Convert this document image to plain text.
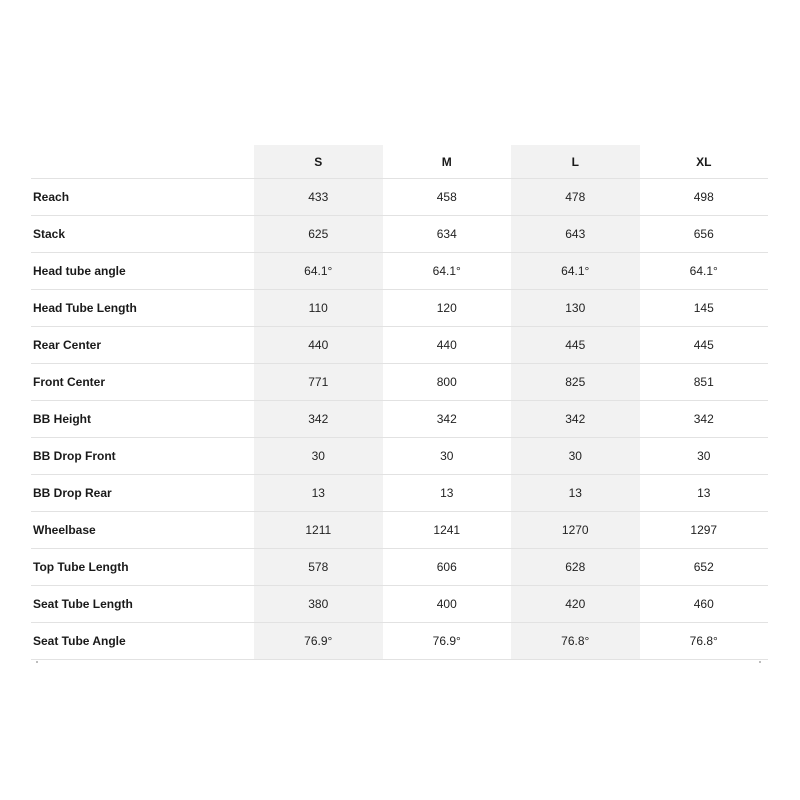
	S	M	L	XL
Reach	433	458	478	498
Stack	625	634	643	656
Head tube angle	64.1°	64.1°	64.1°	64.1°
Head Tube Length	110	120	130	145
Rear Center	440	440	445	445
Front Center	771	800	825	851
BB Height	342	342	342	342
BB Drop Front	30	30	30	30
BB Drop Rear	13	13	13	13
Wheelbase	1211	1241	1270	1297
Top Tube Length	578	606	628	652
Seat Tube Length	380	400	420	460
Seat Tube Angle	76.9°	76.9°	76.8°	76.8°
